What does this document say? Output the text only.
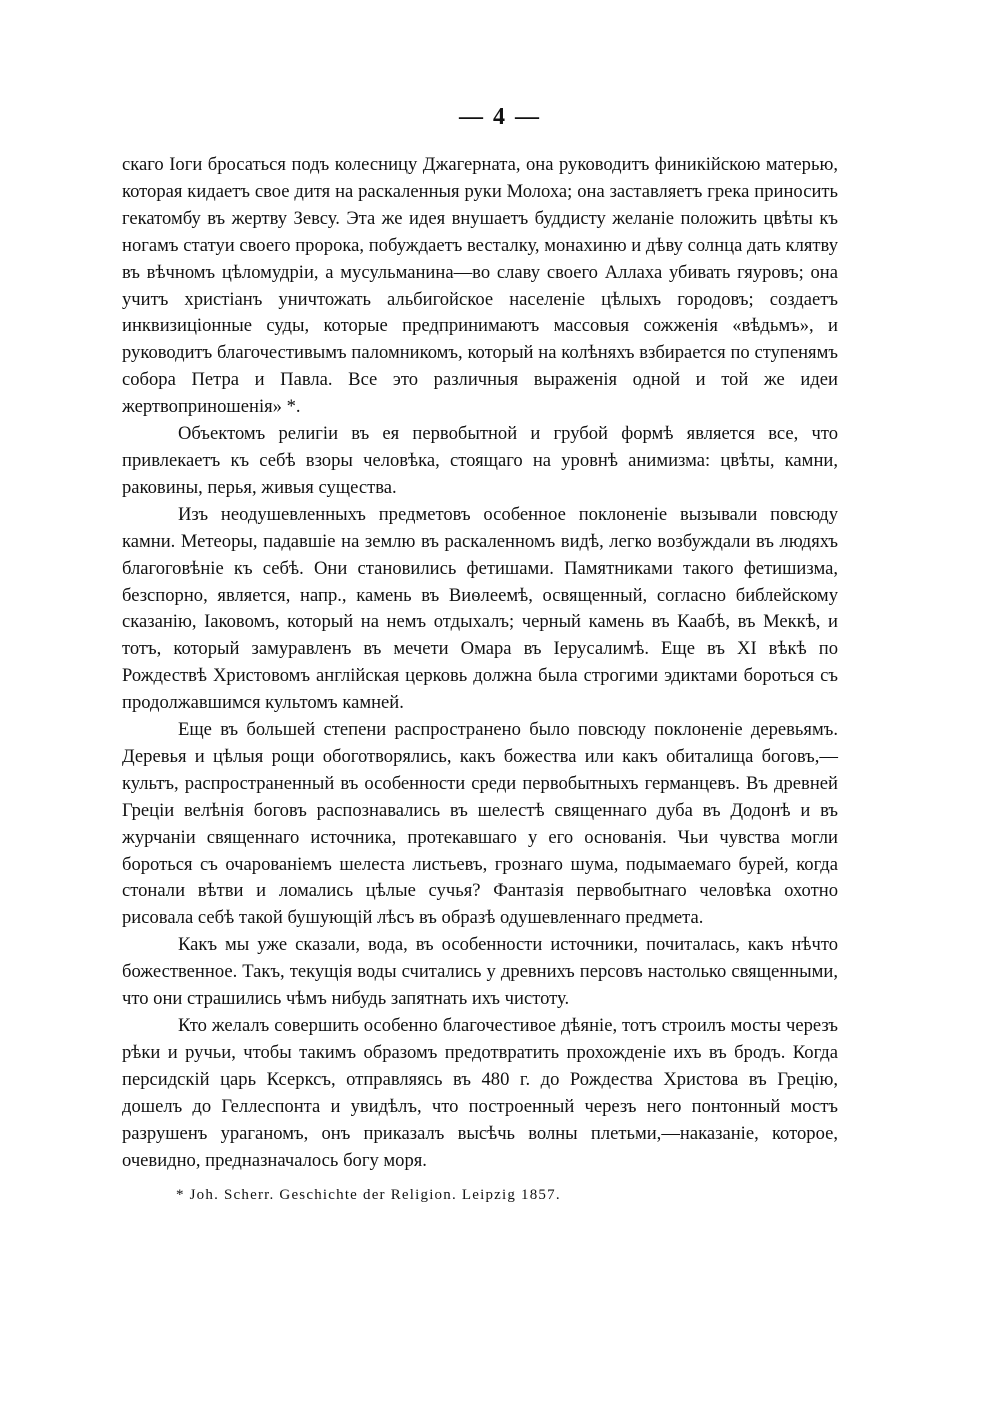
— 4 —

скаго Іоги бросаться подъ колесницу Джагерната, она руководитъ финикійскою матерью, которая кидаетъ свое дитя на раскаленныя руки Молоха; она заставляетъ грека приносить гекатомбу въ жертву Зевсу. Эта же идея внушаетъ буддисту желаніе положить цвѣты къ ногамъ статуи своего пророка, побуждаетъ весталку, монахиню и дѣву солнца дать клятву въ вѣчномъ цѣломудріи, а мусульманина—во славу своего Аллаха убивать гяуровъ; она учитъ христіанъ уничтожать альбигойское населеніе цѣлыхъ городовъ; создаетъ инквизиціонные суды, которые предпринимаютъ массовыя сожженія «вѣдьмъ», и руководитъ благочестивымъ паломникомъ, который на колѣняхъ взбирается по ступенямъ собора Петра и Павла. Все это различныя выраженія одной и той же идеи жертвоприношенія» *.

Объектомъ религіи въ ея первобытной и грубой формѣ является все, что привлекаетъ къ себѣ взоры человѣка, стоящаго на уровнѣ анимизма: цвѣты, камни, раковины, перья, живыя существа.

Изъ неодушевленныхъ предметовъ особенное поклоненіе вызывали повсюду камни. Метеоры, падавшіе на землю въ раскаленномъ видѣ, легко возбуждали въ людяхъ благоговѣніе къ себѣ. Они становились фетишами. Памятниками такого фетишизма, безспорно, является, напр., камень въ Виѳлеемѣ, освященный, согласно библейскому сказанію, Іаковомъ, который на немъ отдыхалъ; черный камень въ Каабѣ, въ Меккѣ, и тотъ, который замуравленъ въ мечети Омара въ Іерусалимѣ. Еще въ XI вѣкѣ по Рождествѣ Христовомъ англійская церковь должна была строгими эдиктами бороться съ продолжавшимся культомъ камней.

Еще въ большей степени распространено было повсюду поклоненіе деревьямъ. Деревья и цѣлыя рощи обоготворялись, какъ божества или какъ обиталища боговъ,—культъ, распространенный въ особенности среди первобытныхъ германцевъ. Въ древней Греціи велѣнія боговъ распознавались въ шелестѣ священнаго дуба въ Додонѣ и въ журчаніи священнаго источника, протекавшаго у его основанія. Чьи чувства могли бороться съ очарованіемъ шелеста листьевъ, грознаго шума, подымаемаго бурей, когда стонали вѣтви и ломались цѣлые сучья? Фантазія первобытнаго человѣка охотно рисовала себѣ такой бушующій лѣсъ въ образѣ одушевленнаго предмета.

Какъ мы уже сказали, вода, въ особенности источники, почиталась, какъ нѣчто божественное. Такъ, текущія воды считались у древнихъ персовъ настолько священными, что они страшились чѣмъ нибудь запятнать ихъ чистоту.

Кто желалъ совершить особенно благочестивое дѣяніе, тотъ строилъ мосты черезъ рѣки и ручьи, чтобы такимъ образомъ предотвратить прохожденіе ихъ въ бродъ. Когда персидскій царь Ксерксъ, отправляясь въ 480 г. до Рождества Христова въ Грецію, дошелъ до Геллеспонта и увидѣлъ, что построенный черезъ него понтонный мостъ разрушенъ ураганомъ, онъ приказалъ высѣчь волны плетьми,—наказаніе, которое, очевидно, предназначалось богу моря.

* Joh. Scherr. Geschichte der Religion. Leipzig 1857.
